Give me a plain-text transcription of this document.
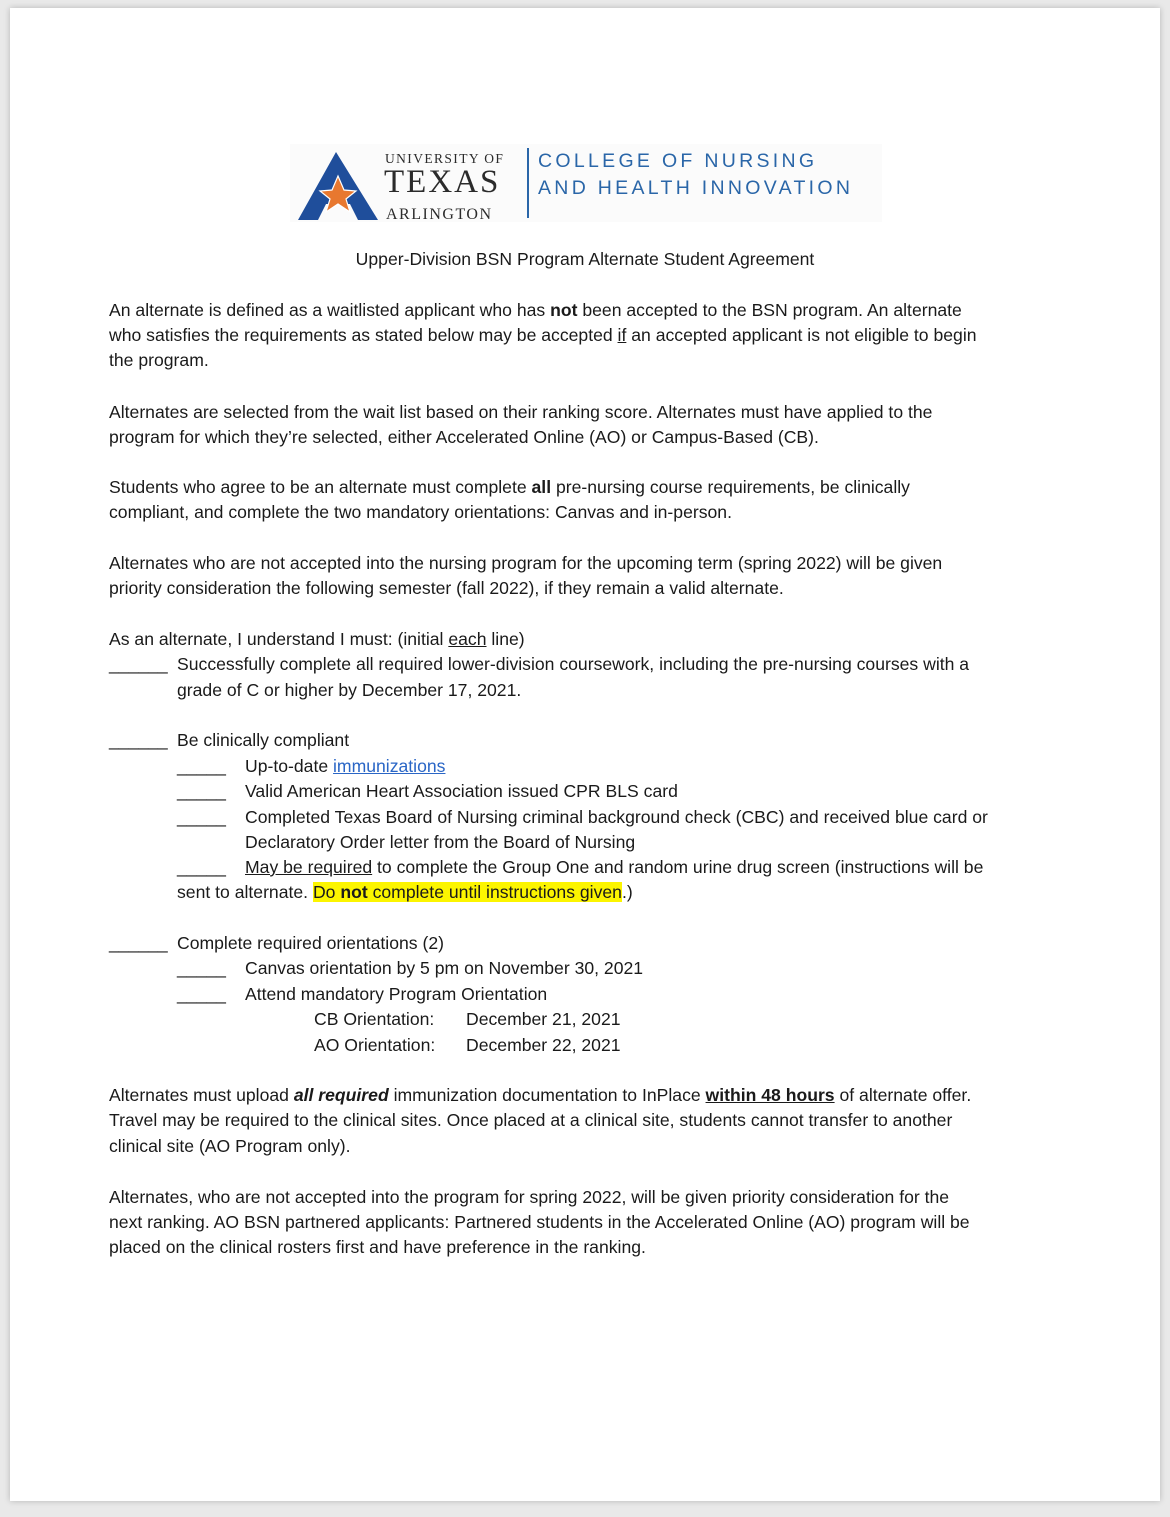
UNIVERSITY OF
TEXAS
ARLINGTON
COLLEGE OF NURSING
AND HEALTH INNOVATION
Upper-Division BSN Program Alternate Student Agreement
An alternate is defined as a waitlisted applicant who has not been accepted to the BSN program. An alternate
who satisfies the requirements as stated below may be accepted if an accepted applicant is not eligible to begin
the program.
Alternates are selected from the wait list based on their ranking score. Alternates must have applied to the
program for which they’re selected, either Accelerated Online (AO) or Campus-Based (CB).
Students who agree to be an alternate must complete all pre-nursing course requirements, be clinically
compliant, and complete the two mandatory orientations: Canvas and in-person.
Alternates who are not accepted into the nursing program for the upcoming term (spring 2022) will be given
priority consideration the following semester (fall 2022), if they remain a valid alternate.
As an alternate, I understand I must: (initial each line)
______ Successfully complete all required lower-division coursework, including the pre-nursing courses with a
grade of C or higher by December 17, 2021.
______ Be clinically compliant
_____ Up-to-date immunizations
_____ Valid American Heart Association issued CPR BLS card
_____ Completed Texas Board of Nursing criminal background check (CBC) and received blue card or
Declaratory Order letter from the Board of Nursing
_____ May be required to complete the Group One and random urine drug screen (instructions will be
sent to alternate. Do not complete until instructions given.)
______ Complete required orientations (2)
_____ Canvas orientation by 5 pm on November 30, 2021
_____ Attend mandatory Program Orientation
CB Orientation: December 21, 2021
AO Orientation: December 22, 2021
Alternates must upload all required immunization documentation to InPlace within 48 hours of alternate offer.
Travel may be required to the clinical sites. Once placed at a clinical site, students cannot transfer to another
clinical site (AO Program only).
Alternates, who are not accepted into the program for spring 2022, will be given priority consideration for the
next ranking. AO BSN partnered applicants: Partnered students in the Accelerated Online (AO) program will be
placed on the clinical rosters first and have preference in the ranking.
